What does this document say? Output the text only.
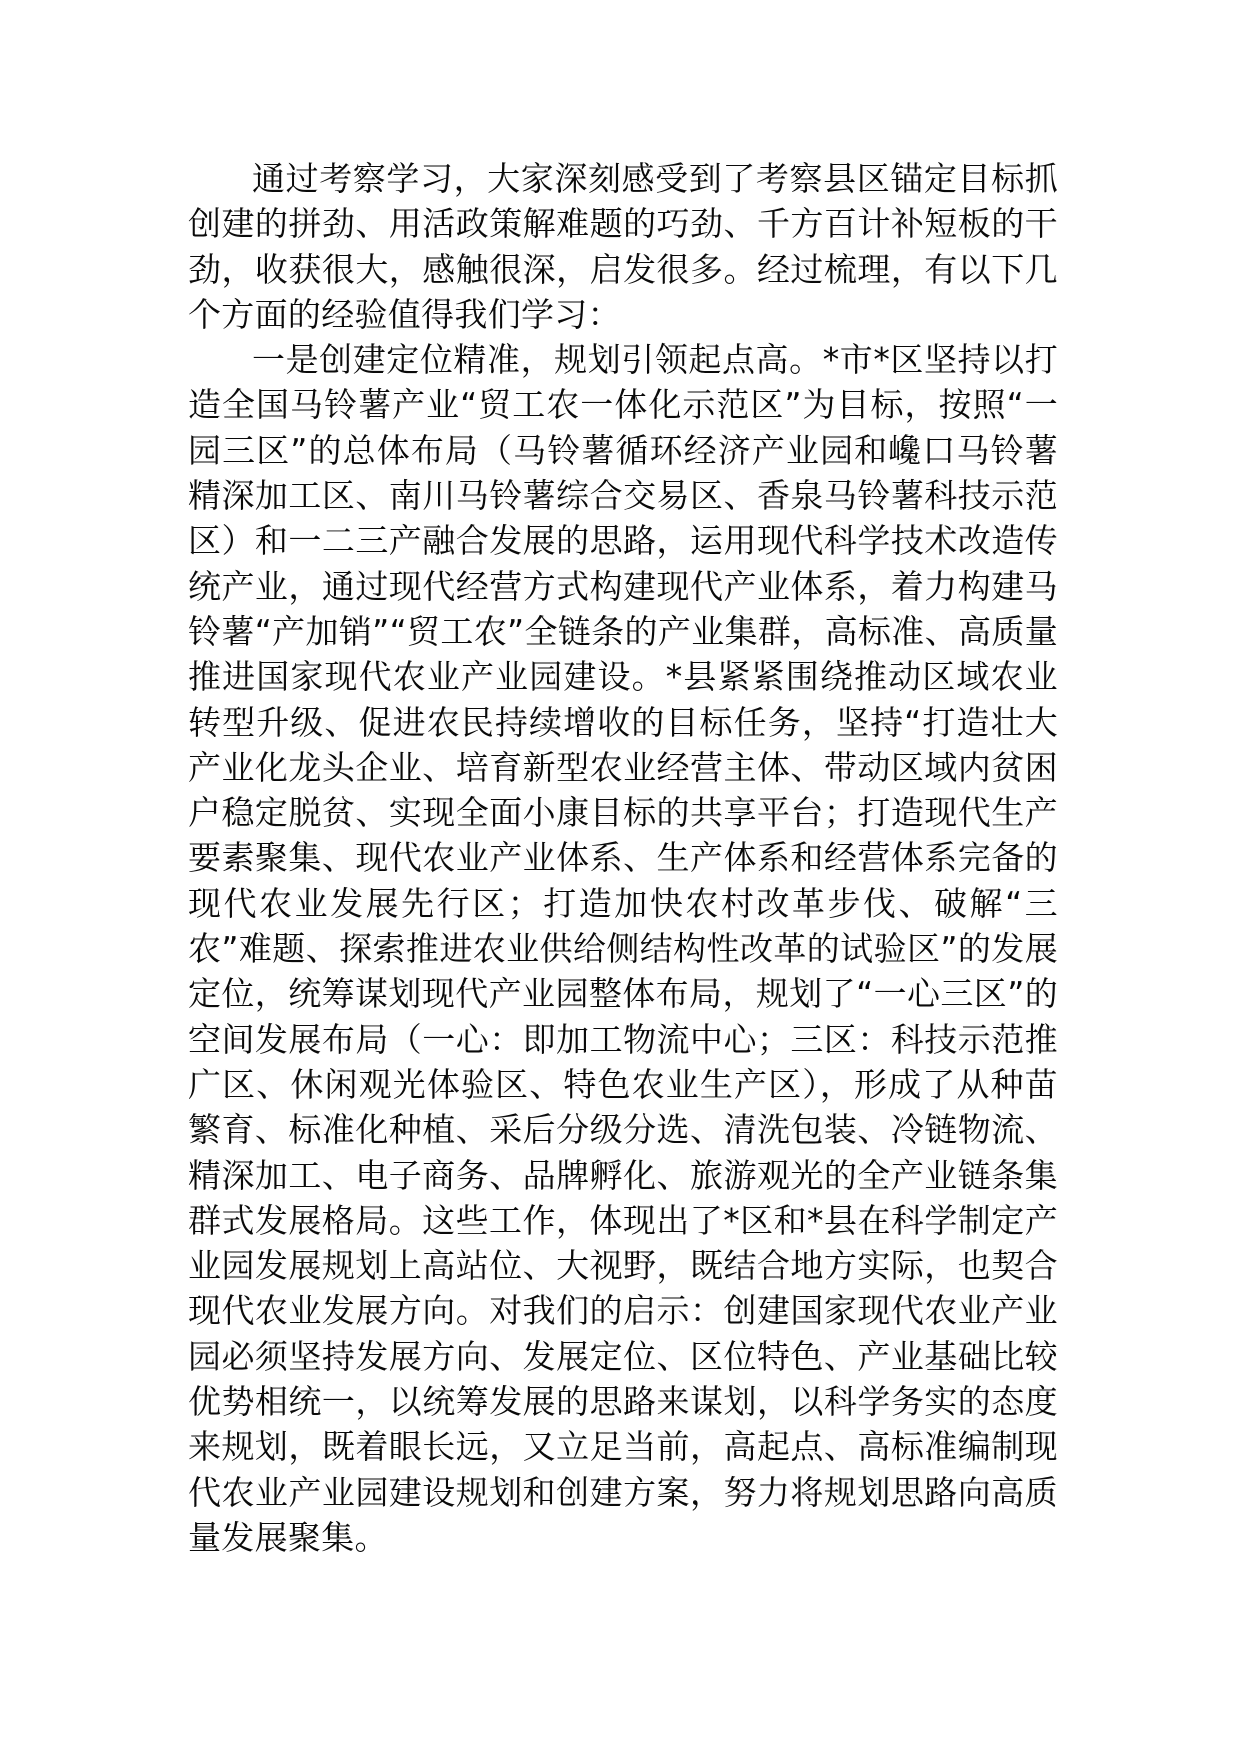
通过考察学习，大家深刻感受到了考察县区锚定目标抓创建的拼劲、用活政策解难题的巧劲、千方百计补短板的干劲，收获很大，感触很深，启发很多。经过梳理，有以下几个方面的经验值得我们学习：

一是创建定位精准，规划引领起点高。*市*区坚持以打造全国马铃薯产业“贸工农一体化示范区”为目标，按照“一园三区”的总体布局（马铃薯循环经济产业园和巉口马铃薯精深加工区、南川马铃薯综合交易区、香泉马铃薯科技示范区）和一二三产融合发展的思路，运用现代科学技术改造传统产业，通过现代经营方式构建现代产业体系，着力构建马铃薯“产加销”“贸工农”全链条的产业集群，高标准、高质量推进国家现代农业产业园建设。*县紧紧围绕推动区域农业转型升级、促进农民持续增收的目标任务，坚持“打造壮大产业化龙头企业、培育新型农业经营主体、带动区域内贫困户稳定脱贫、实现全面小康目标的共享平台；打造现代生产要素聚集、现代农业产业体系、生产体系和经营体系完备的现代农业发展先行区；打造加快农村改革步伐、破解“三农”难题、探索推进农业供给侧结构性改革的试验区”的发展定位，统筹谋划现代产业园整体布局，规划了“一心三区”的空间发展布局（一心：即加工物流中心；三区：科技示范推广区、休闲观光体验区、特色农业生产区），形成了从种苗繁育、标准化种植、采后分级分选、清洗包装、冷链物流、精深加工、电子商务、品牌孵化、旅游观光的全产业链条集群式发展格局。这些工作，体现出了*区和*县在科学制定产业园发展规划上高站位、大视野，既结合地方实际，也契合现代农业发展方向。对我们的启示：创建国家现代农业产业园必须坚持发展方向、发展定位、区位特色、产业基础比较优势相统一，以统筹发展的思路来谋划，以科学务实的态度来规划，既着眼长远，又立足当前，高起点、高标准编制现代农业产业园建设规划和创建方案，努力将规划思路向高质量发展聚集。
